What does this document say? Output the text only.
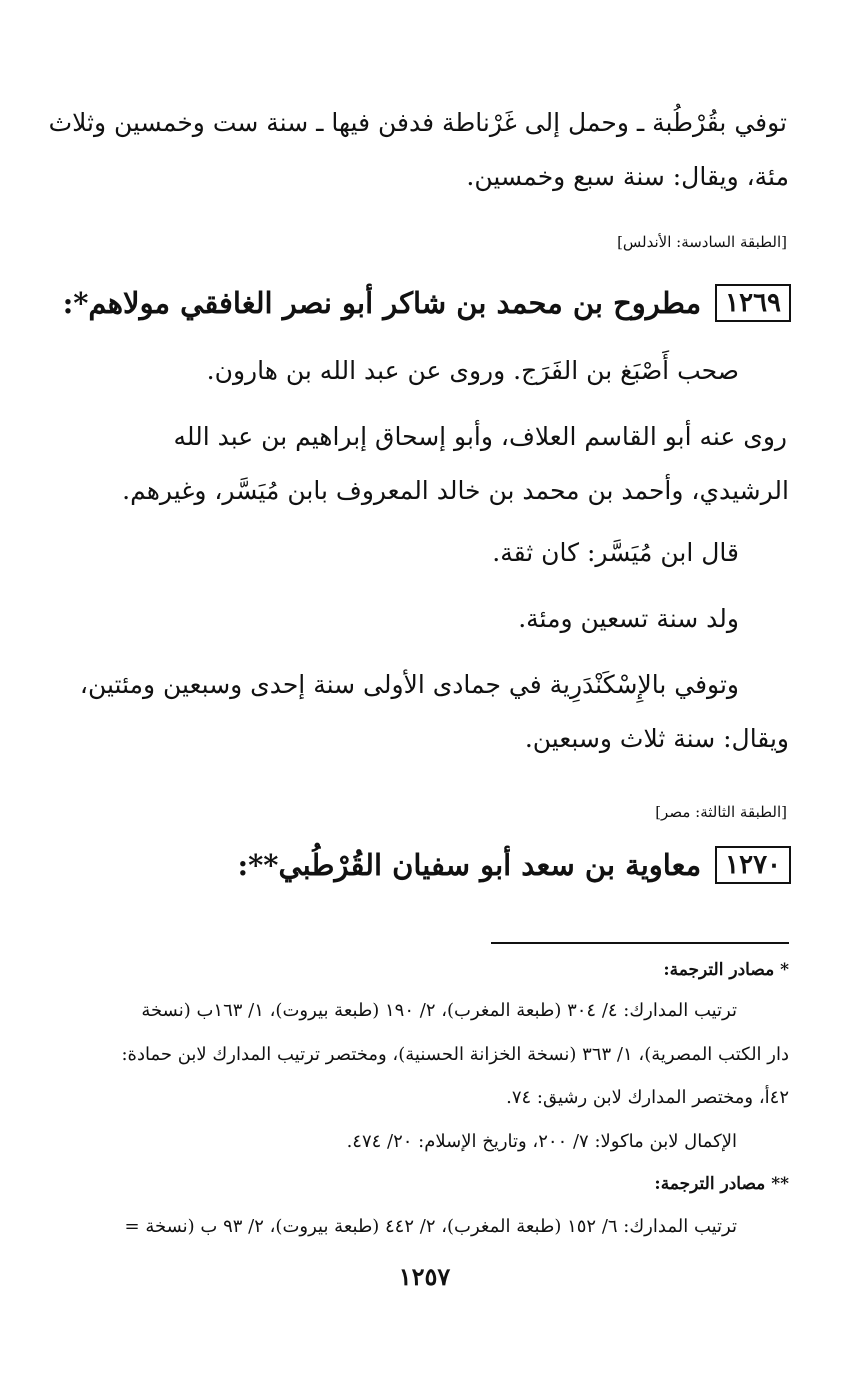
توفي بقُرْطُبة ـ وحمل إلى غَرْناطة فدفن فيها ـ سنة ست وخمسين وثلاث
مئة، ويقال: سنة سبع وخمسين.
[الطبقة السادسة: الأندلس]
١٢٦٩
مطروح بن محمد بن شاكر أبو نصر الغافقي مولاهم*:
صحب أَصْبَغ بن الفَرَج. وروى عن عبد الله بن هارون.
روى عنه أبو القاسم العلاف، وأبو إسحاق إبراهيم بن عبد الله
الرشيدي، وأحمد بن محمد بن خالد المعروف بابن مُيَسَّر، وغيرهم.
قال ابن مُيَسَّر: كان ثقة.
ولد سنة تسعين ومئة.
وتوفي بالإِسْكَنْدَرِية في جمادى الأولى سنة إحدى وسبعين ومئتين،
ويقال: سنة ثلاث وسبعين.
[الطبقة الثالثة: مصر]
١٢٧٠
معاوية بن سعد أبو سفيان القُرْطُبي**:
* مصادر الترجمة:
ترتيب المدارك: ٤/ ٣٠٤ (طبعة المغرب)، ٢/ ١٩٠ (طبعة بيروت)، ١/ ١٦٣ب (نسخة
دار الكتب المصرية)، ١/ ٣٦٣ (نسخة الخزانة الحسنية)، ومختصر ترتيب المدارك لابن حمادة:
٤٢أ، ومختصر المدارك لابن رشيق: ٧٤.
الإكمال لابن ماكولا: ٧/ ٢٠٠، وتاريخ الإسلام: ٢٠/ ٤٧٤.
** مصادر الترجمة:
ترتيب المدارك: ٦/ ١٥٢ (طبعة المغرب)، ٢/ ٤٤٢ (طبعة بيروت)، ٢/ ٩٣ ب (نسخة =
١٢٥٧
